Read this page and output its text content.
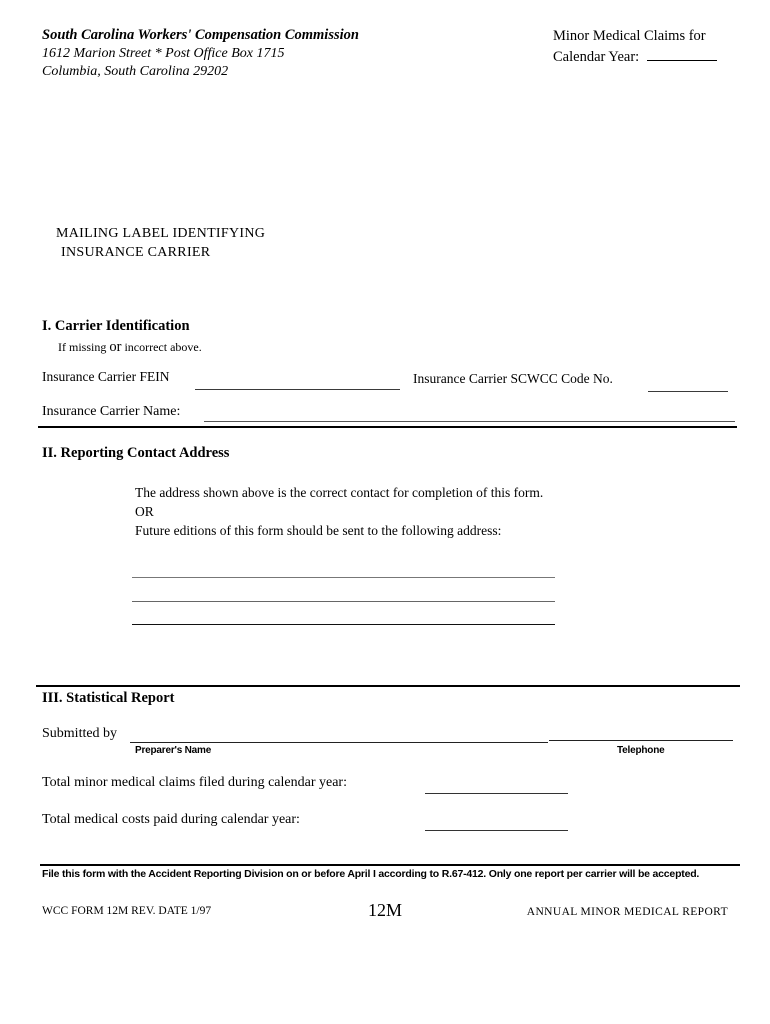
South Carolina Workers' Compensation Commission
1612 Marion Street * Post Office Box 1715
Columbia, South Carolina 29202
Minor Medical Claims for
Calendar Year:
MAILING LABEL IDENTIFYING
INSURANCE CARRIER
I. Carrier Identification
If missing or incorrect above.
Insurance Carrier FEIN	Insurance Carrier SCWCC Code No.
Insurance Carrier Name:
II. Reporting Contact Address
The address shown above is the correct contact for completion of this form.
OR
Future editions of this form should be sent to the following address:
III. Statistical Report
Submitted by
Preparer's Name	Telephone
Total minor medical claims filed during calendar year:
Total medical costs paid during calendar year:
File this form with the Accident Reporting Division on or before April I according to R.67-412. Only one report per carrier will be accepted.
WCC FORM 12M REV. DATE 1/97	12M	ANNUAL MINOR MEDICAL REPORT
